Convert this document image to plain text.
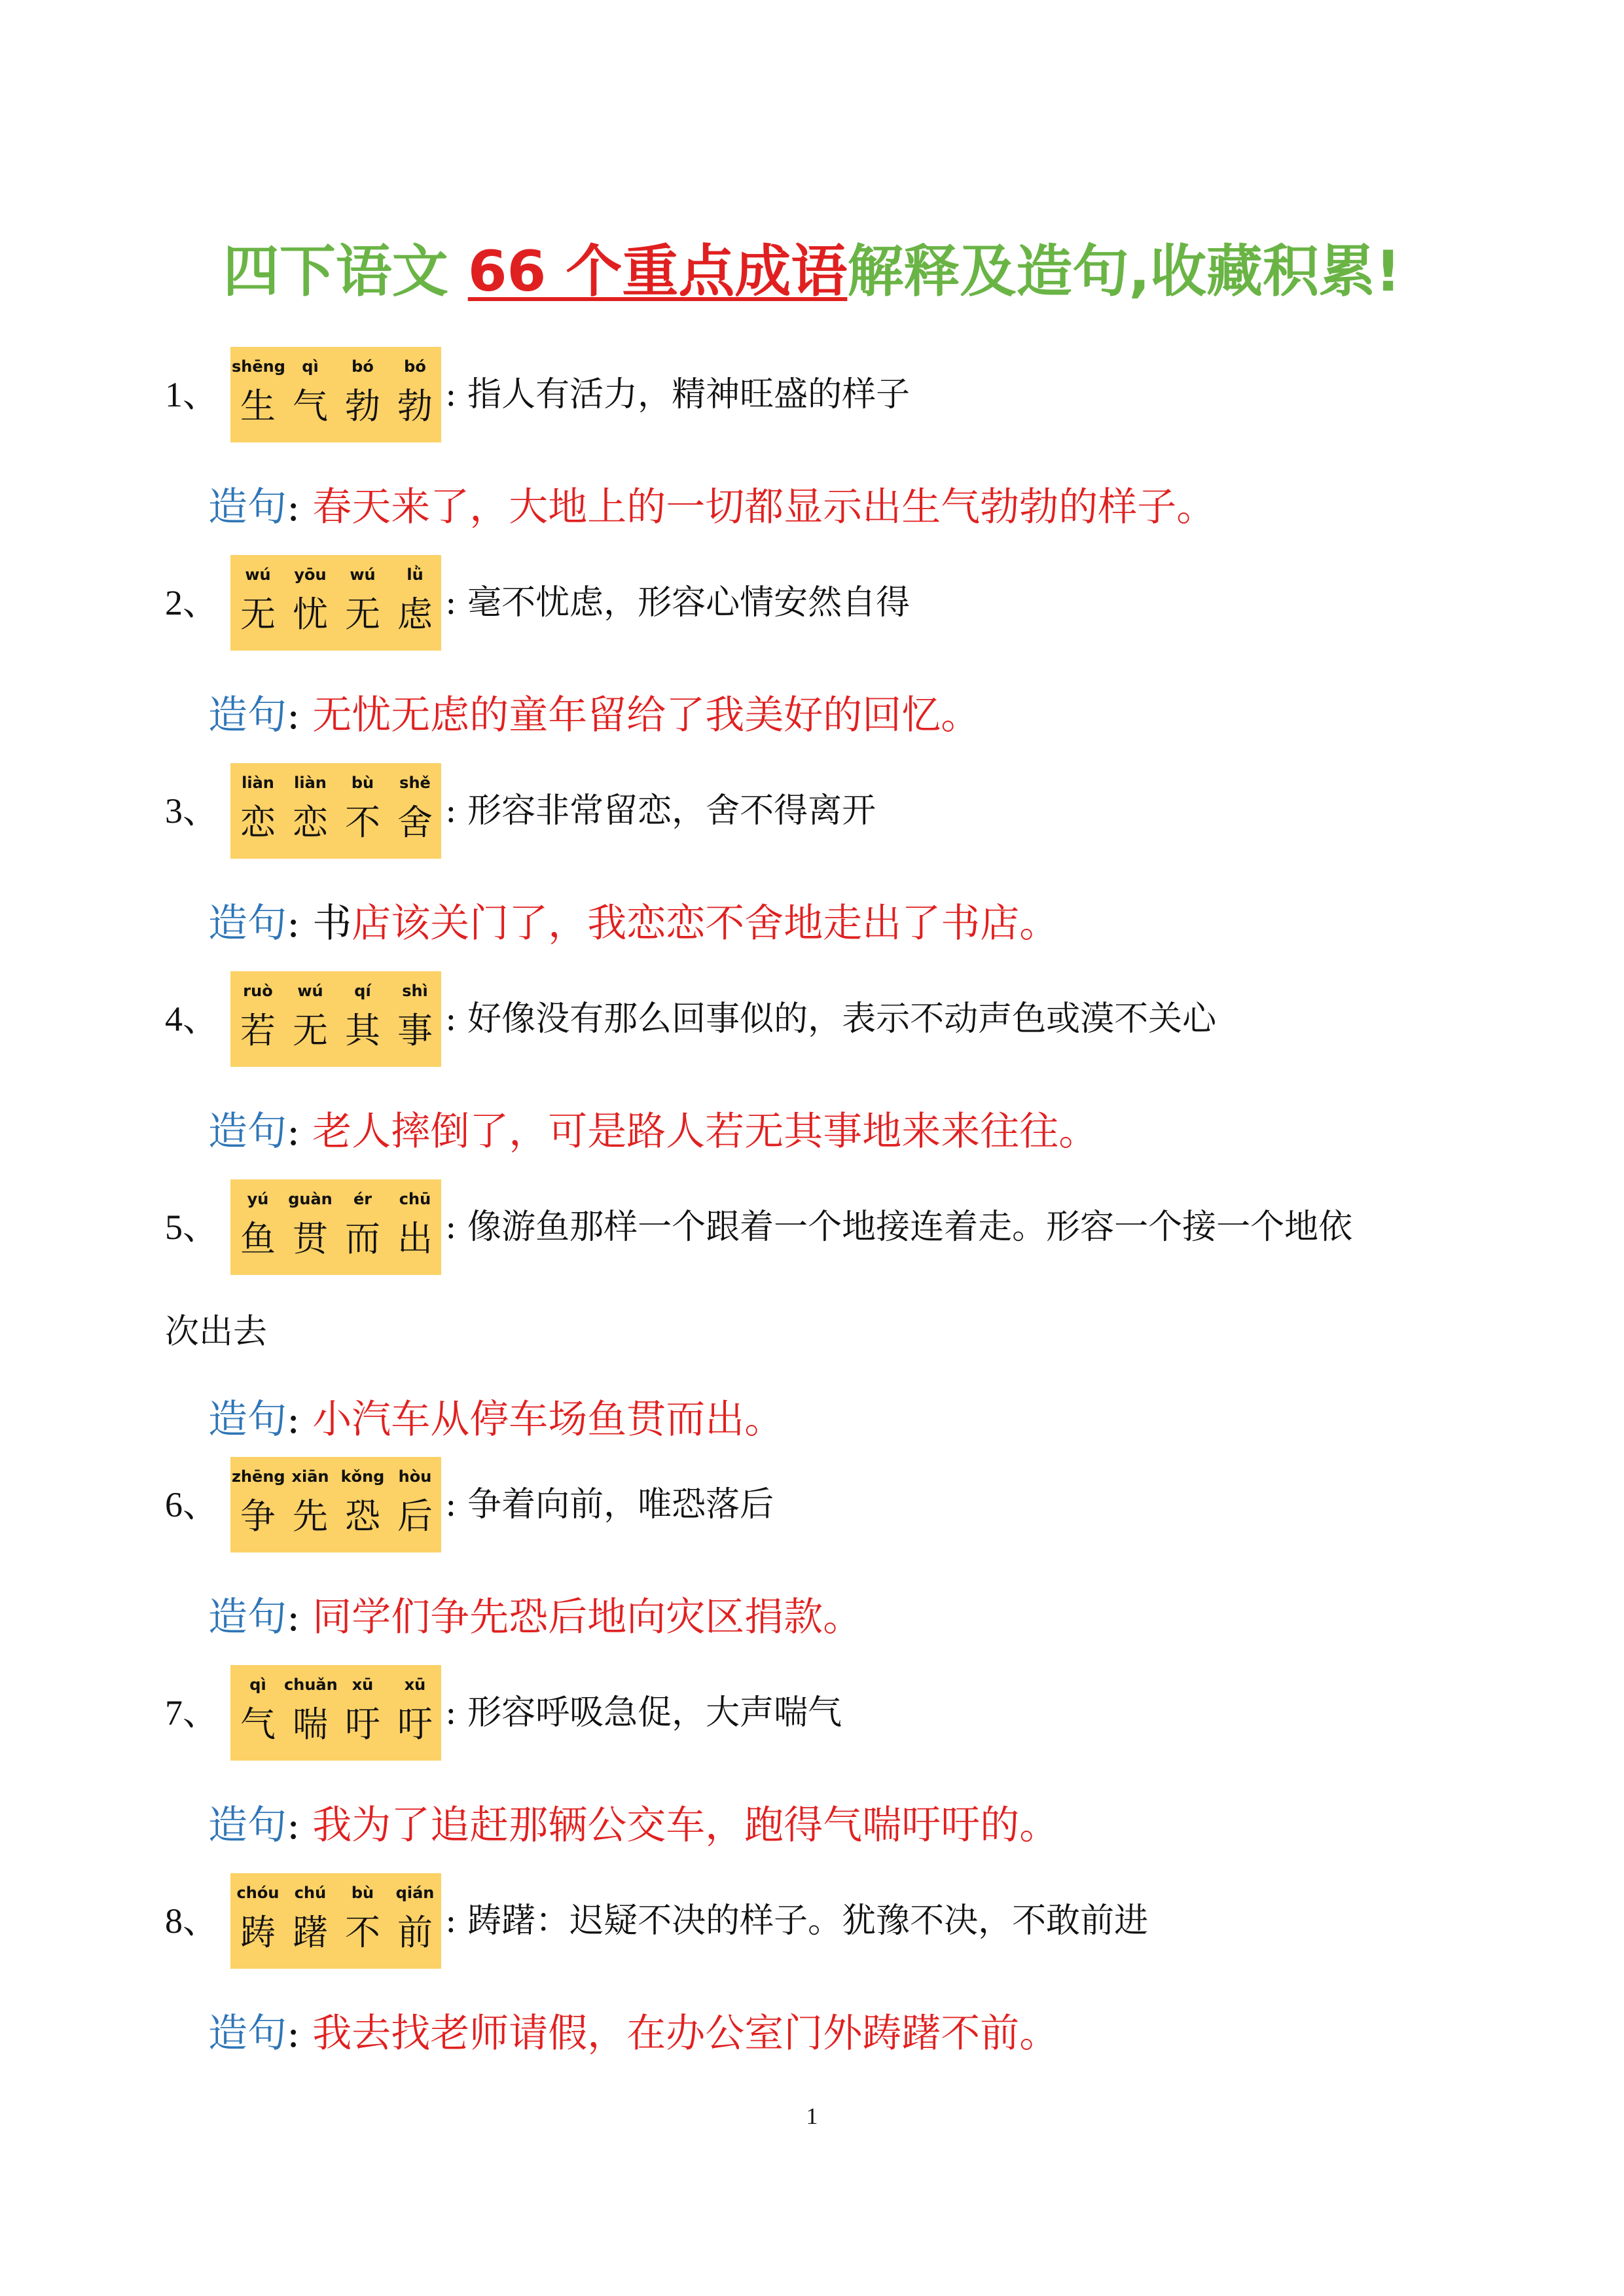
四下语文 66 个重点成语解释及造句,收藏积累!
1、
shēng
生
qì
气
bó
勃
bó
勃 : 指人有活力，精神旺盛的样子
造句: 春天来了，大地上的一切都显示出生气勃勃的样子。
2、
wú
无
yōu
忧
wú
无
lǜ
虑 : 毫不忧虑，形容心情安然自得
造句: 无忧无虑的童年留给了我美好的回忆。
3、
liàn
恋
liàn
恋
bù
不
shě
舍 : 形容非常留恋，舍不得离开
造句: 书店该关门了，我恋恋不舍地走出了书店。
4、
ruò
若
wú
无
qí
其
shì
事 : 好像没有那么回事似的，表示不动声色或漠不关心
造句: 老人摔倒了，可是路人若无其事地来来往往。
5、
yú
鱼
guàn
贯
ér
而
chū
出 : 像游鱼那样一个跟着一个地接连着走。形容一个接一个地依
次出去
造句: 小汽车从停车场鱼贯而出。
6、
zhēng
争
xiān
先
kǒng
恐
hòu
后 : 争着向前，唯恐落后
造句: 同学们争先恐后地向灾区捐款。
7、
qì
气
chuǎn
喘
xū
吁
xū
吁 : 形容呼吸急促，大声喘气
造句: 我为了追赶那辆公交车，跑得气喘吁吁的。
8、
chóu
踌
chú
躇
bù
不
qián
前 : 踌躇：迟疑不决的样子。犹豫不决，不敢前进
造句: 我去找老师请假，在办公室门外踌躇不前。
1
